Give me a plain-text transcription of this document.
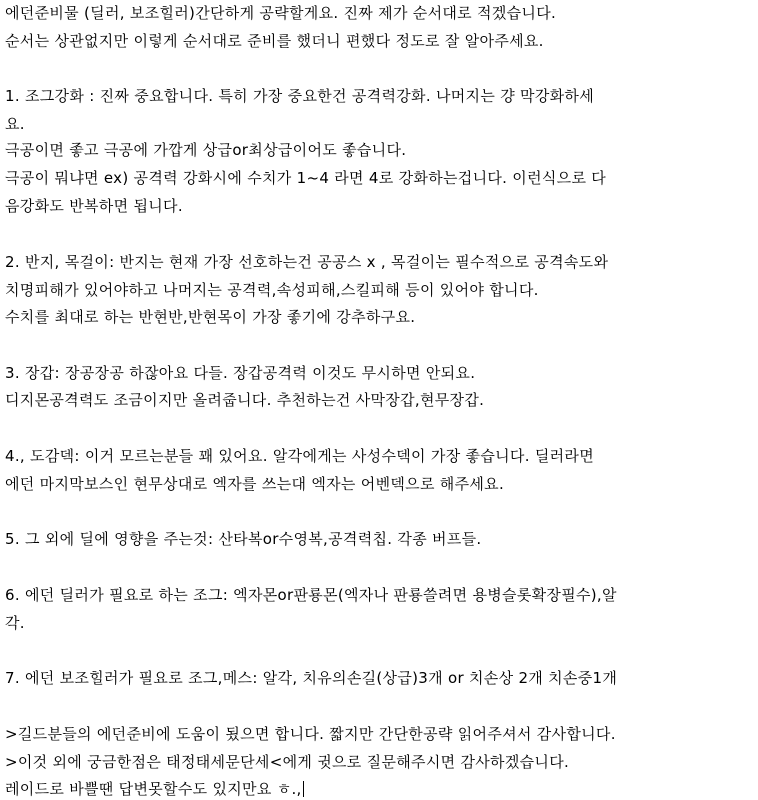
에던준비물 (딜러, 보조힐러)간단하게 공략할게요. 진짜 제가 순서대로 적겠습니다.
순서는 상관없지만 이렇게 순서대로 준비를 했더니 편했다 정도로 잘 알아주세요.
1. 조그강화 : 진짜 중요합니다. 특히 가장 중요한건 공격력강화. 나머지는 걍 막강화하세
요.
극공이면 좋고 극공에 가깝게 상급or최상급이어도 좋습니다.
극공이 뭐냐면 ex) 공격력 강화시에 수치가 1~4 라면 4로 강화하는겁니다. 이런식으로 다
음강화도 반복하면 됩니다.
2. 반지, 목걸이: 반지는 현재 가장 선호하는건 공공스 x , 목걸이는 필수적으로 공격속도와
치명피해가 있어야하고 나머지는 공격력,속성피해,스킬피해 등이 있어야 합니다.
수치를 최대로 하는 반현반,반현목이 가장 좋기에 강추하구요.
3. 장갑: 장공장공 하잖아요 다들. 장갑공격력 이것도 무시하면 안되요.
디지몬공격력도 조금이지만 올려줍니다. 추천하는건 사막장갑,현무장갑.
4., 도감덱: 이거 모르는분들 꽤 있어요. 알각에게는 사성수덱이 가장 좋습니다. 딜러라면
에던 마지막보스인 현무상대로 엑자를 쓰는대 엑자는 어벤덱으로 해주세요.
5. 그 외에 딜에 영향을 주는것: 산타복or수영복,공격력칩. 각종 버프들.
6. 에던 딜러가 필요로 하는 조그: 엑자몬or판룡몬(엑자나 판룡쓸려면 용병슬롯확장필수),알
각.
7. 에던 보조힐러가 필요로 조그,메스: 알각, 치유의손길(상급)3개 or 치손상 2개 치손중1개
>길드분들의 에던준비에 도움이 됬으면 합니다. 짧지만 간단한공략 읽어주셔서 감사합니다.
>이것 외에 궁금한점은 태정태세문단세<에게 귓으로 질문해주시면 감사하겠습니다.
레이드로 바쁠땐 답변못할수도 있지만요 ㅎ.,
